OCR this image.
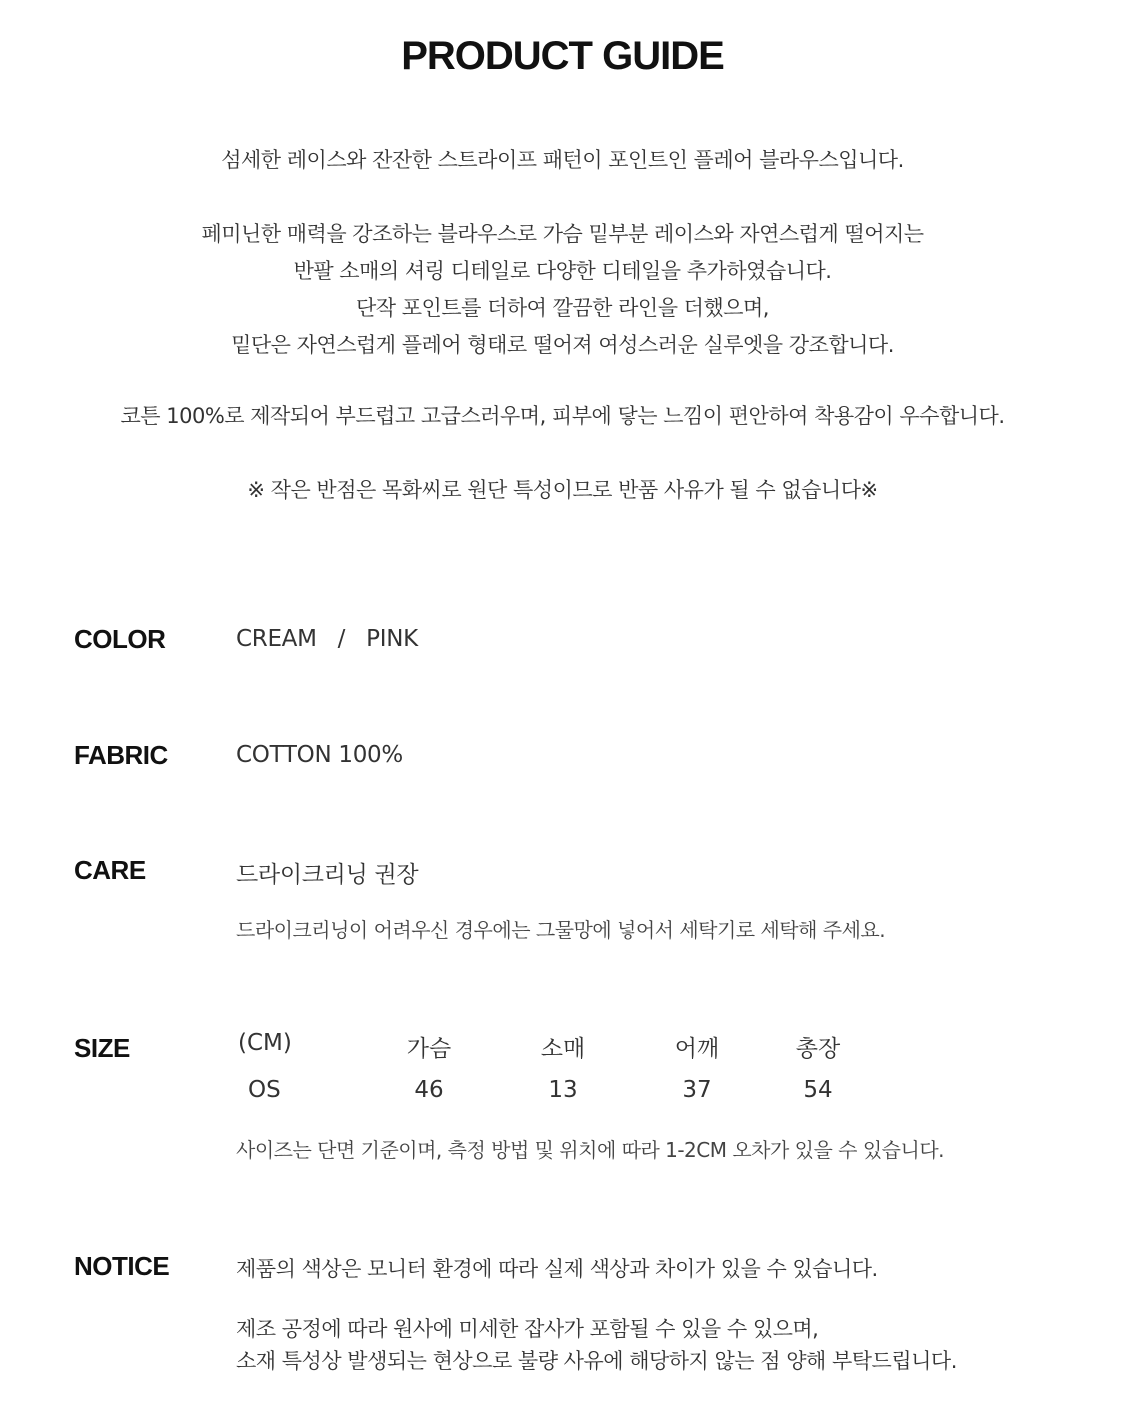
PRODUCT GUIDE

섬세한 레이스와 잔잔한 스트라이프 패턴이 포인트인 플레어 블라우스입니다.

페미닌한 매력을 강조하는 블라우스로 가슴 밑부분 레이스와 자연스럽게 떨어지는

반팔 소매의 셔링 디테일로 다양한 디테일을 추가하였습니다.

단작 포인트를 더하여 깔끔한 라인을 더했으며,

밑단은 자연스럽게 플레어 형태로 떨어져 여성스러운 실루엣을 강조합니다.

코튼 100%로 제작되어 부드럽고 고급스러우며, 피부에 닿는 느낌이 편안하여 착용감이 우수합니다.

※ 작은 반점은 목화씨로 원단 특성이므로 반품 사유가 될 수 없습니다※

COLOR	CREAM   /   PINK
FABRIC	COTTON 100%
CARE	드라이크리닝 권장
드라이크리닝이 어려우신 경우에는 그물망에 넣어서 세탁기로 세탁해 주세요.
SIZE	(CM)	가슴	소매	어깨	총장
OS	46	13	37	54
사이즈는 단면 기준이며, 측정 방법 및 위치에 따라 1-2CM 오차가 있을 수 있습니다.
NOTICE	제품의 색상은 모니터 환경에 따라 실제 색상과 차이가 있을 수 있습니다.

제조 공정에 따라 원사에 미세한 잡사가 포함될 수 있을 수 있으며,

소재 특성상 발생되는 현상으로 불량 사유에 해당하지 않는 점 양해 부탁드립니다.
